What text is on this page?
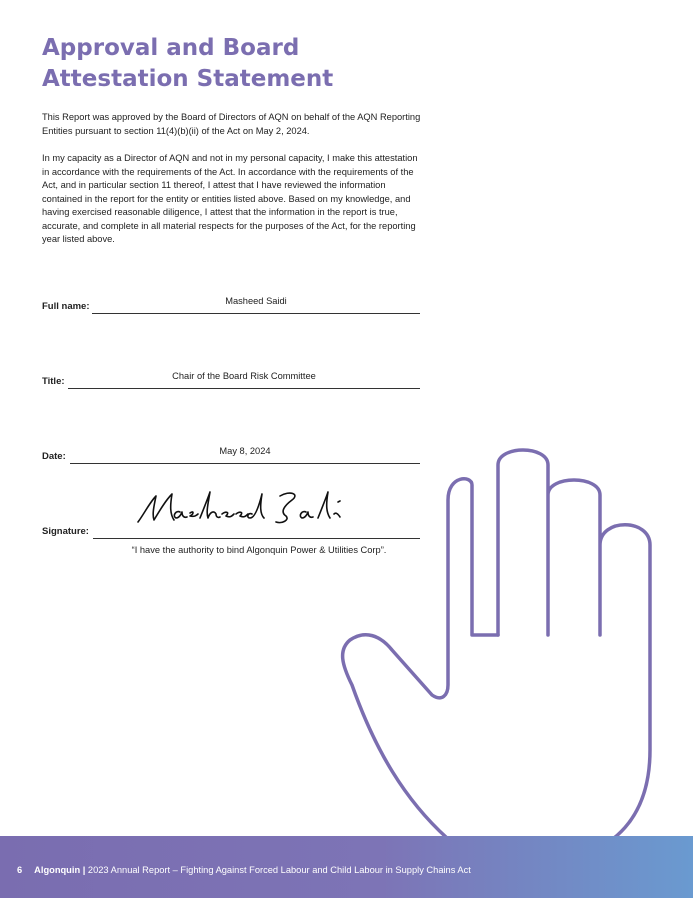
Approval and Board Attestation Statement

This Report was approved by the Board of Directors of AQN on behalf of the AQN Reporting Entities pursuant to section 11(4)(b)(ii) of the Act on May 2, 2024.

In my capacity as a Director of AQN and not in my personal capacity, I make this attestation in accordance with the requirements of the Act. In accordance with the requirements of the Act, and in particular section 11 thereof, I attest that I have reviewed the information contained in the report for the entity or entities listed above. Based on my knowledge, and having exercised reasonable diligence, I attest that the information in the report is true, accurate, and complete in all material respects for the purposes of the Act, for the reporting year listed above.

Full name:	Masheed Saidi
Title:	Chair of the Board Risk Committee
Date:	May 8, 2024
Signature:
“I have the authority to bind Algonquin Power & Utilities Corp”.
6 Algonquin | 2023 Annual Report – Fighting Against Forced Labour and Child Labour in Supply Chains Act
